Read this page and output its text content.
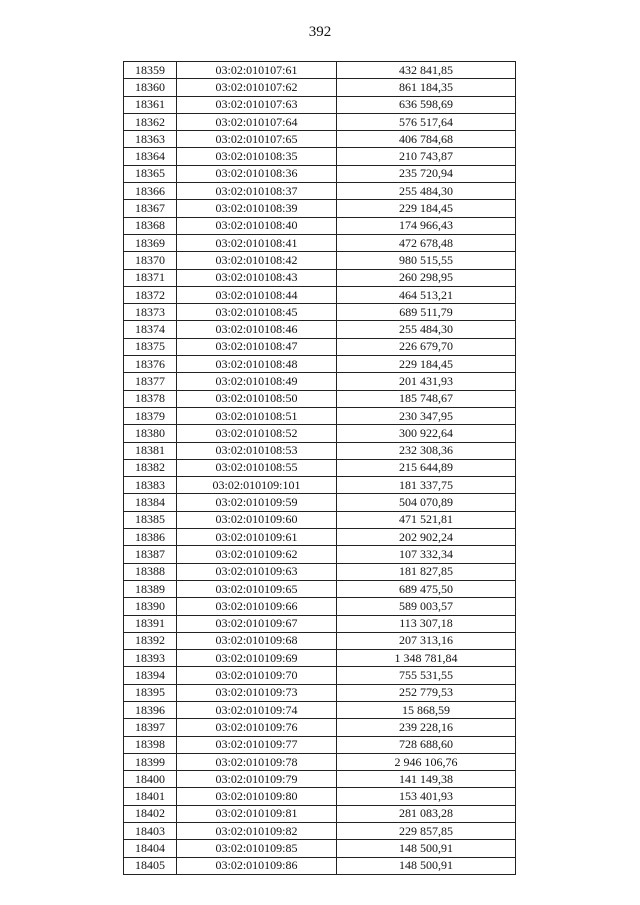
392
18359	03:02:010107:61	432 841,85
18360	03:02:010107:62	861 184,35
18361	03:02:010107:63	636 598,69
18362	03:02:010107:64	576 517,64
18363	03:02:010107:65	406 784,68
18364	03:02:010108:35	210 743,87
18365	03:02:010108:36	235 720,94
18366	03:02:010108:37	255 484,30
18367	03:02:010108:39	229 184,45
18368	03:02:010108:40	174 966,43
18369	03:02:010108:41	472 678,48
18370	03:02:010108:42	980 515,55
18371	03:02:010108:43	260 298,95
18372	03:02:010108:44	464 513,21
18373	03:02:010108:45	689 511,79
18374	03:02:010108:46	255 484,30
18375	03:02:010108:47	226 679,70
18376	03:02:010108:48	229 184,45
18377	03:02:010108:49	201 431,93
18378	03:02:010108:50	185 748,67
18379	03:02:010108:51	230 347,95
18380	03:02:010108:52	300 922,64
18381	03:02:010108:53	232 308,36
18382	03:02:010108:55	215 644,89
18383	03:02:010109:101	181 337,75
18384	03:02:010109:59	504 070,89
18385	03:02:010109:60	471 521,81
18386	03:02:010109:61	202 902,24
18387	03:02:010109:62	107 332,34
18388	03:02:010109:63	181 827,85
18389	03:02:010109:65	689 475,50
18390	03:02:010109:66	589 003,57
18391	03:02:010109:67	113 307,18
18392	03:02:010109:68	207 313,16
18393	03:02:010109:69	1 348 781,84
18394	03:02:010109:70	755 531,55
18395	03:02:010109:73	252 779,53
18396	03:02:010109:74	15 868,59
18397	03:02:010109:76	239 228,16
18398	03:02:010109:77	728 688,60
18399	03:02:010109:78	2 946 106,76
18400	03:02:010109:79	141 149,38
18401	03:02:010109:80	153 401,93
18402	03:02:010109:81	281 083,28
18403	03:02:010109:82	229 857,85
18404	03:02:010109:85	148 500,91
18405	03:02:010109:86	148 500,91
